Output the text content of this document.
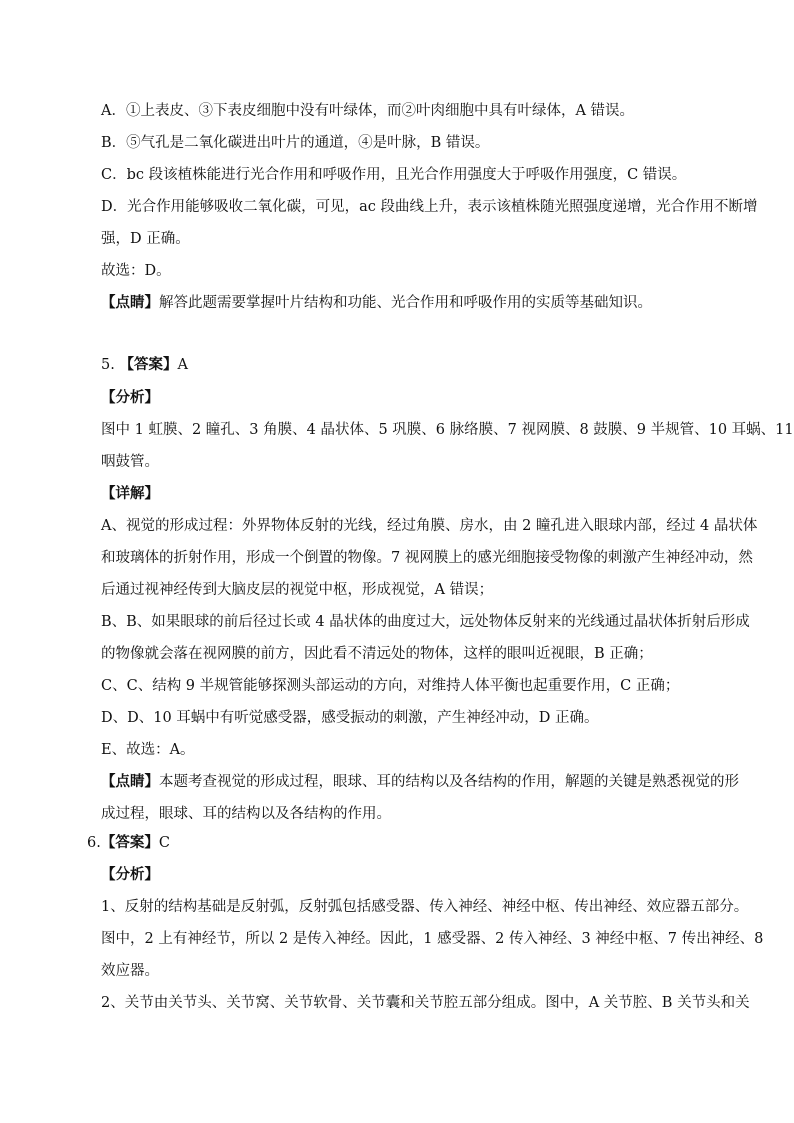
A．①上表皮、③下表皮细胞中没有叶绿体，而②叶肉细胞中具有叶绿体，A 错误。
B．⑤气孔是二氧化碳进出叶片的通道，④是叶脉，B 错误。
C．bc 段该植株能进行光合作用和呼吸作用，且光合作用强度大于呼吸作用强度，C 错误。
D．光合作用能够吸收二氧化碳，可见，ac 段曲线上升，表示该植株随光照强度递增，光合作用不断增
强，D 正确。
故选：D。
【点睛】解答此题需要掌握叶片结构和功能、光合作用和呼吸作用的实质等基础知识。
5. 【答案】A
【分析】
图中 1 虹膜、2 瞳孔、3 角膜、4 晶状体、5 巩膜、6 脉络膜、7 视网膜、8 鼓膜、9 半规管、10 耳蜗、11
咽鼓管。
【详解】
A、视觉的形成过程：外界物体反射的光线，经过角膜、房水，由 2 瞳孔进入眼球内部，经过 4 晶状体
和玻璃体的折射作用，形成一个倒置的物像。7 视网膜上的感光细胞接受物像的刺激产生神经冲动，然
后通过视神经传到大脑皮层的视觉中枢，形成视觉，A 错误；
B、B、如果眼球的前后径过长或 4 晶状体的曲度过大，远处物体反射来的光线通过晶状体折射后形成
的物像就会落在视网膜的前方，因此看不清远处的物体，这样的眼叫近视眼，B 正确；
C、C、结构 9 半规管能够探测头部运动的方向，对维持人体平衡也起重要作用，C 正确；
D、D、10 耳蜗中有听觉感受器，感受振动的刺激，产生神经冲动，D 正确。
E、故选：A。
【点睛】本题考查视觉的形成过程，眼球、耳的结构以及各结构的作用，解题的关键是熟悉视觉的形
成过程，眼球、耳的结构以及各结构的作用。
6.【答案】C
【分析】
1、反射的结构基础是反射弧，反射弧包括感受器、传入神经、神经中枢、传出神经、效应器五部分。
图中，2 上有神经节，所以 2 是传入神经。因此，1 感受器、2 传入神经、3 神经中枢、7 传出神经、8
效应器。
2、关节由关节头、关节窝、关节软骨、关节囊和关节腔五部分组成。图中，A 关节腔、B 关节头和关
